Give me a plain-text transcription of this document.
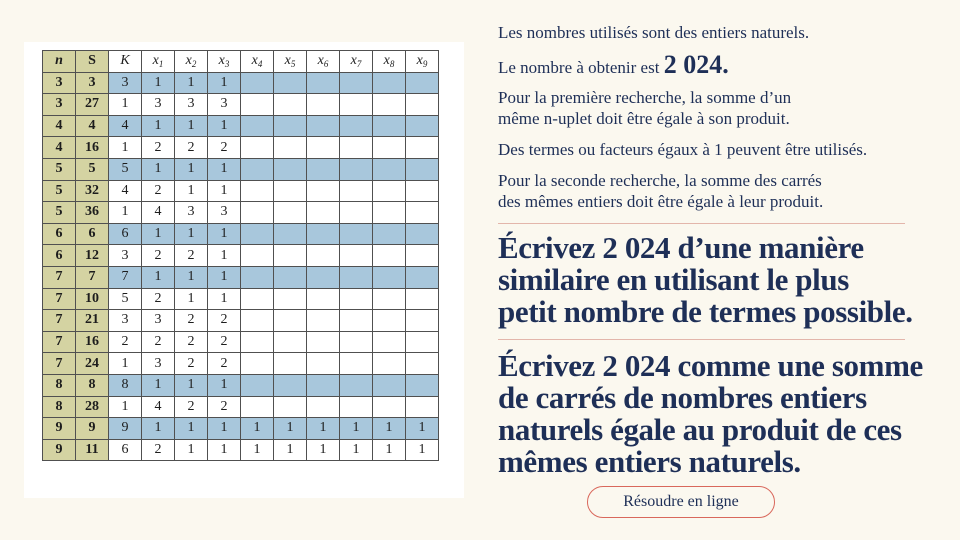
n	S	K	$x_1$	$x_2$	$x_3$	$x_4$	$x_5$	$x_6$	$x_7$	$x_8$	$x_9$
3	3	3	1	1	1						
3	27	1	3	3	3						
4	4	4	1	1	1						
4	16	1	2	2	2						
5	5	5	1	1	1						
5	32	4	2	1	1						
5	36	1	4	3	3						
6	6	6	1	1	1						
6	12	3	2	2	1						
7	7	7	1	1	1						
7	10	5	2	1	1						
7	21	3	3	2	2						
7	16	2	2	2	2						
7	24	1	3	2	2						
8	8	8	1	1	1						
8	28	1	4	2	2						
9	9	9	1	1	1	1	1	1	1	1	1
9	11	6	2	1	1	1	1	1	1	1	1

Les nombres utilisés sont des entiers naturels.

Le nombre à obtenir est 2 024.

Pour la première recherche, la somme d’un

même n-uplet doit être égale à son produit.

Des termes ou facteurs égaux à 1 peuvent être utilisés.

Pour la seconde recherche, la somme des carrés

des mêmes entiers doit être égale à leur produit.

Écrivez 2 024 d’une manière
similaire en utilisant le plus
petit nombre de termes possible.
Écrivez 2 024 comme une somme
de carrés de nombres entiers
naturels égale au produit de ces
mêmes entiers naturels.
Résoudre en ligne
